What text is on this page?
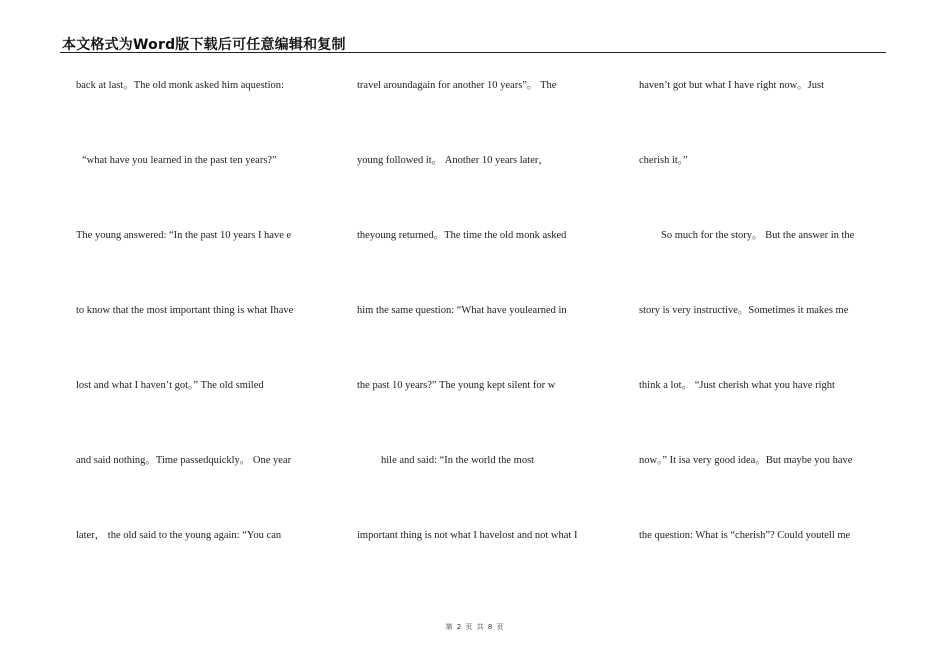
本文格式为Word版下载后可任意编辑和复制
back at last。The old monk asked him aquestion:
“what have you learned in the past ten years?”
The young answered: “In the past 10 years I have e
to know that the most important thing is what Ihave
lost and what I haven’t got。” The old smiled
and said nothing。Time passedquickly。 One year
later， the old said to the young again: “You can
travel aroundagain for another 10 years”。 The
young followed it。 Another 10 years later，
theyoung returned。The time the old monk asked
him the same question: “What have youlearned in
the past 10 years?” The young kept silent for w
hile and said: “In the world the most
important thing is not what I havelost and not what I
haven’t got but what I have right now。Just
cherish it。”
So much for the story。 But the answer in the
story is very instructive。Sometimes it makes me
think a lot。 “Just cherish what you have right
now。” It isa very good idea。But maybe you have
the question: What is “cherish”? Could youtell me
第 2 页 共 8 页
